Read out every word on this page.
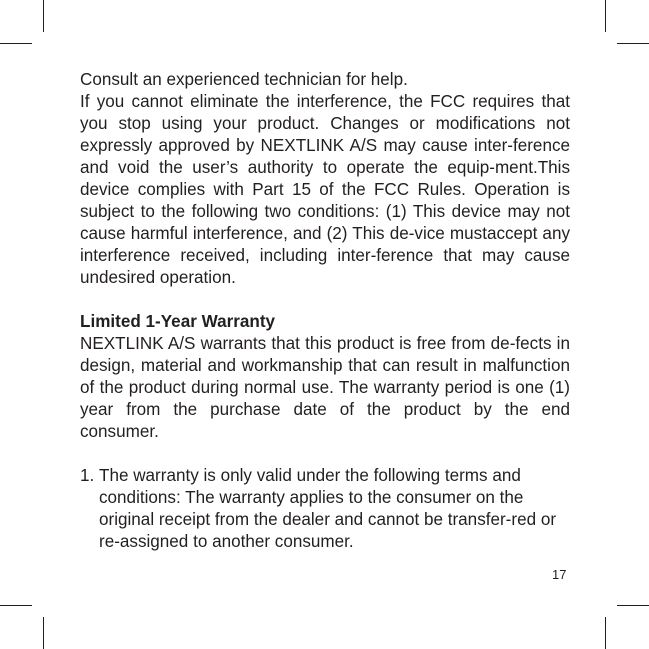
Consult an experienced technician for help.

If you cannot eliminate the interference, the FCC requires that you stop using your product. Changes or modifications not expressly approved by NEXTLINK A/S may cause inter-ference and void the user’s authority to operate the equip-ment.This device complies with Part 15 of the FCC Rules. Operation is subject to the following two conditions: (1) This device may not cause harmful interference, and (2) This de-vice mustaccept any interference received, including inter-ference that may cause undesired operation.

Limited 1-Year Warranty

NEXTLINK A/S warrants that this product is free from de-fects in design, material and workmanship that can result in malfunction of the product during normal use. The warranty period is one (1) year from the purchase date of the product by the end consumer.

1. The warranty is only valid under the following terms and conditions: The warranty applies to the consumer on the original receipt from the dealer and cannot be transfer-red or re-assigned to another consumer.
17
